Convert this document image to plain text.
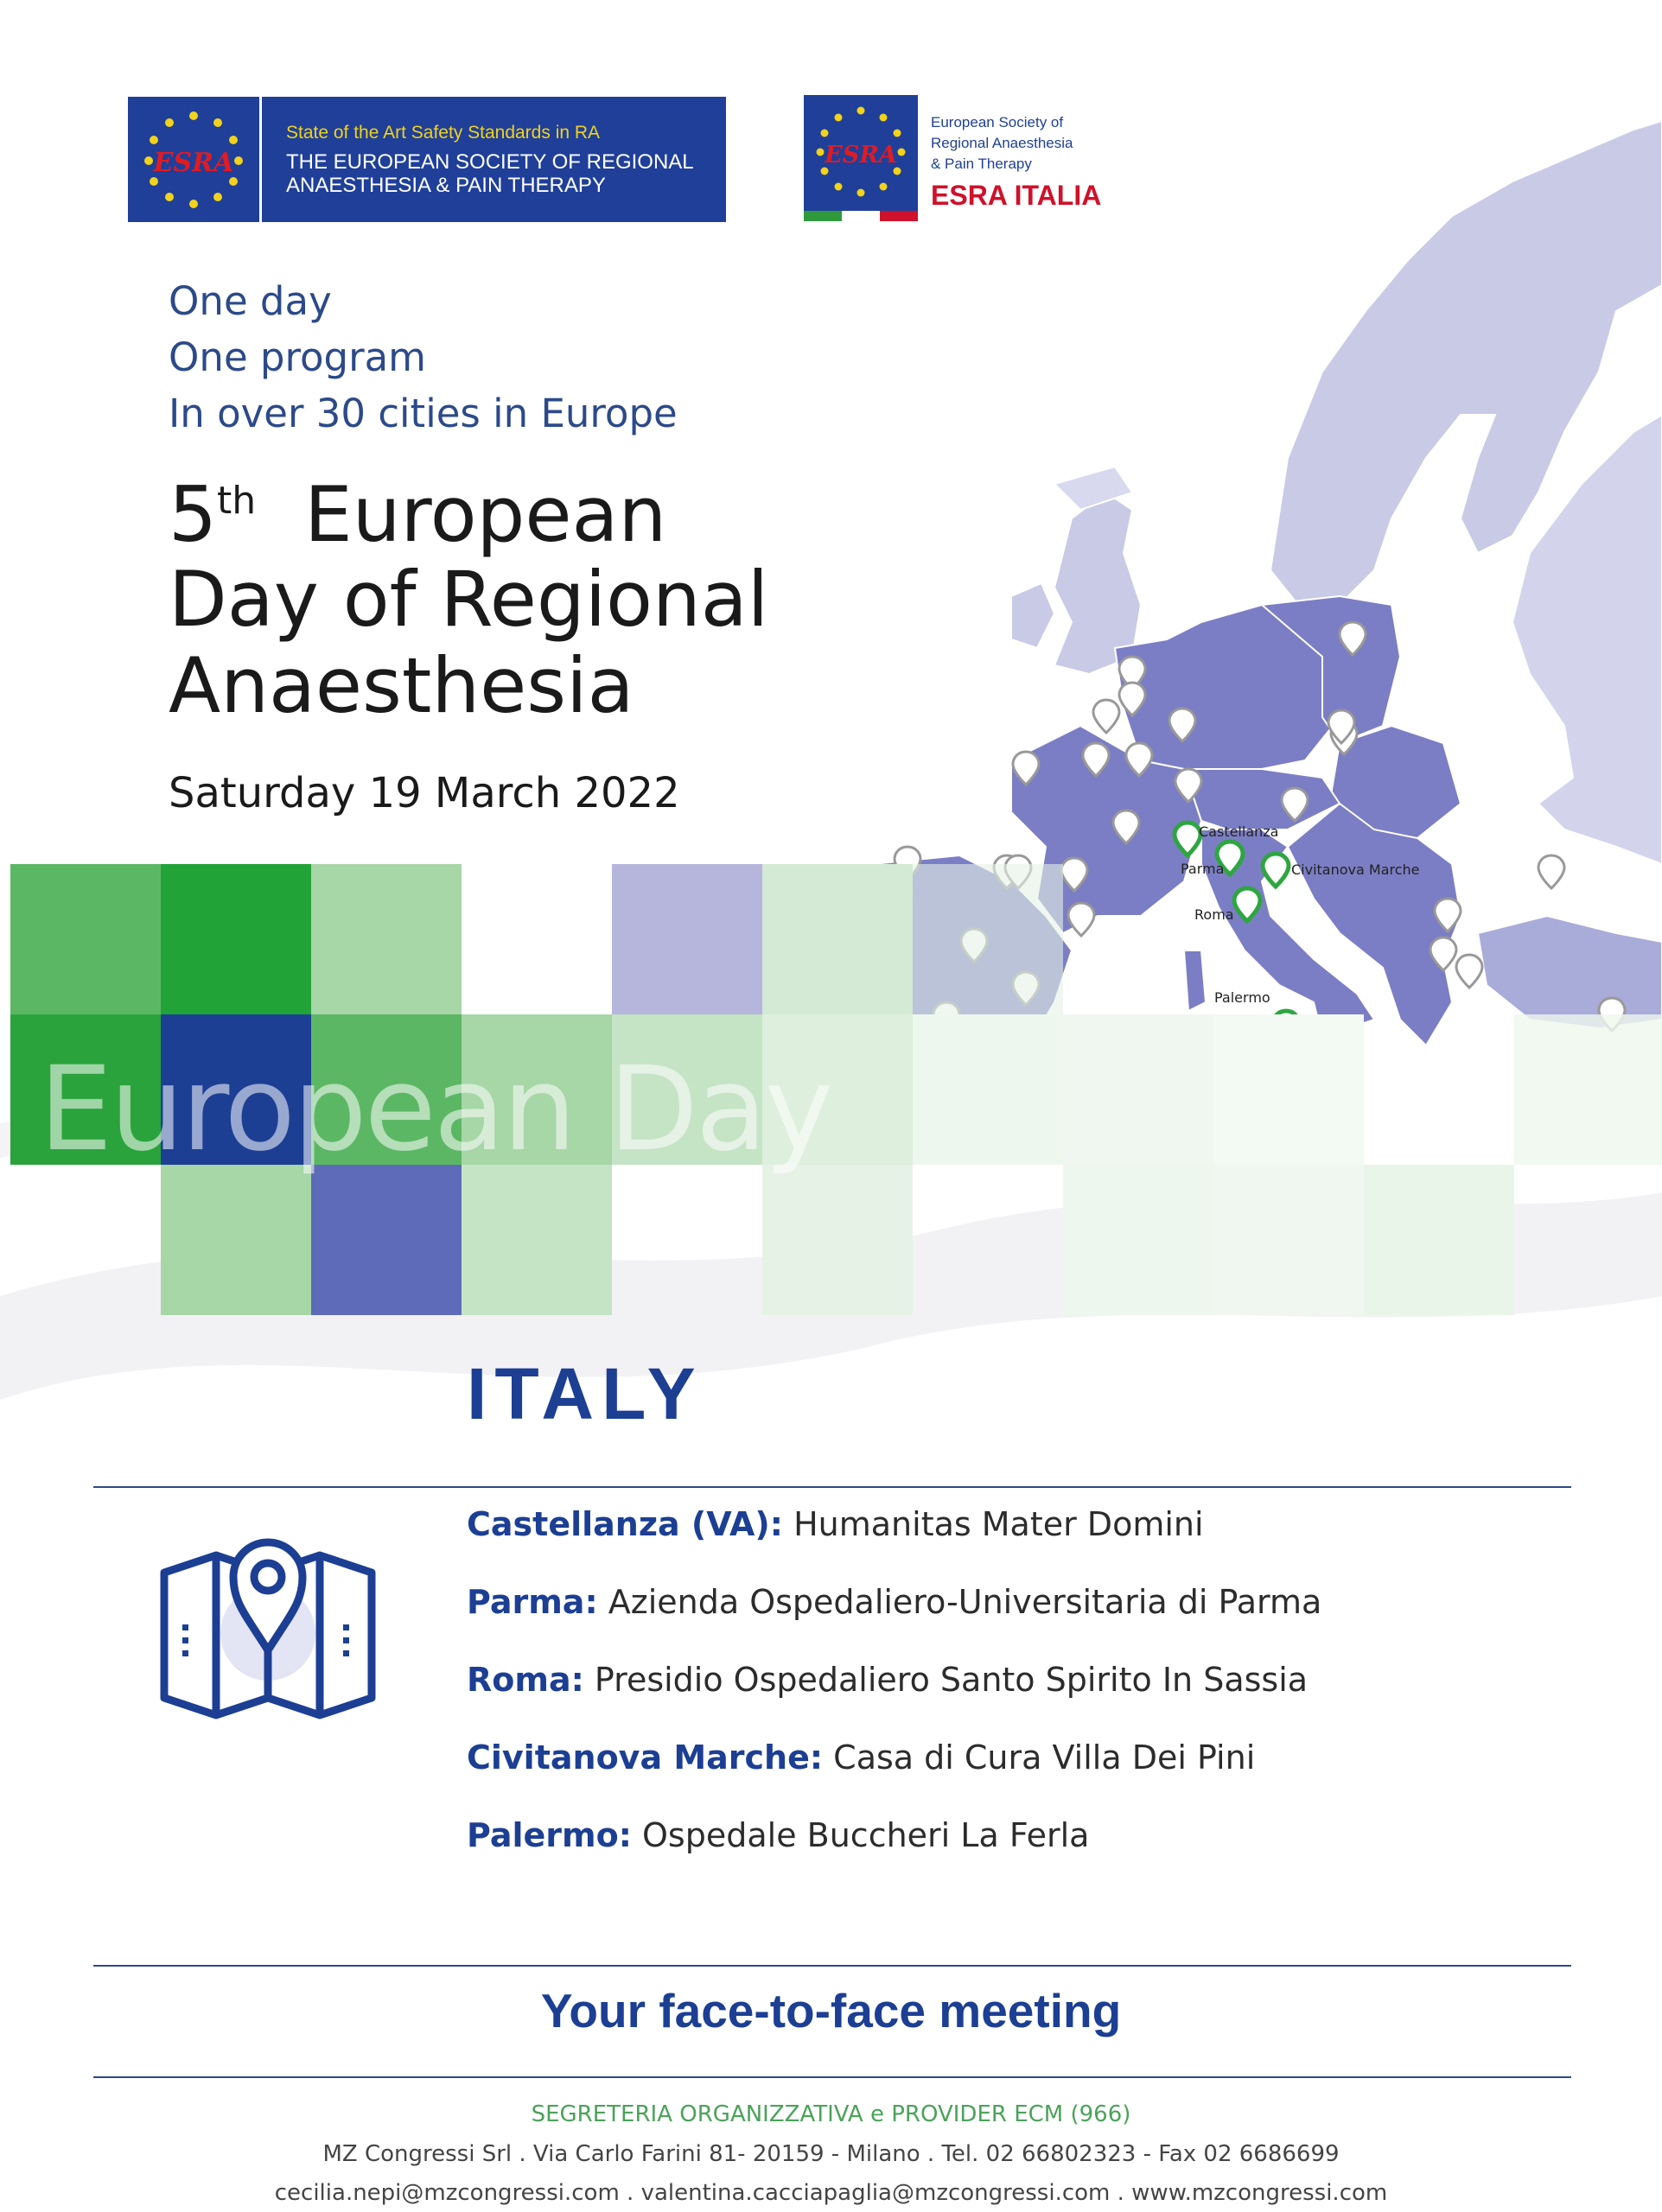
Castellanza
Parma	Civitanova Marche
Roma
Palermo
ESRA
State of the Art Safety Standards in RA
THE EUROPEAN SOCIETY OF REGIONAL
ANAESTHESIA & PAIN THERAPY
ESRA
European Society of
Regional Anaesthesia
& Pain Therapy
ESRA ITALIA
One day
One program
In over 30 cities in Europe
5th European
Day of Regional
Anaesthesia
Saturday 19 March 2022
European Day
ITALY
Castellanza (VA): Humanitas Mater Domini
Parma: Azienda Ospedaliero-Universitaria di Parma
Roma: Presidio Ospedaliero Santo Spirito In Sassia
Civitanova Marche: Casa di Cura Villa Dei Pini
Palermo: Ospedale Buccheri La Ferla
Your face-to-face meeting
SEGRETERIA ORGANIZZATIVA e PROVIDER ECM (966)
MZ Congressi Srl . Via Carlo Farini 81- 20159 - Milano . Tel. 02 66802323 - Fax 02 6686699
cecilia.nepi@mzcongressi.com . valentina.cacciapaglia@mzcongressi.com . www.mzcongressi.com
